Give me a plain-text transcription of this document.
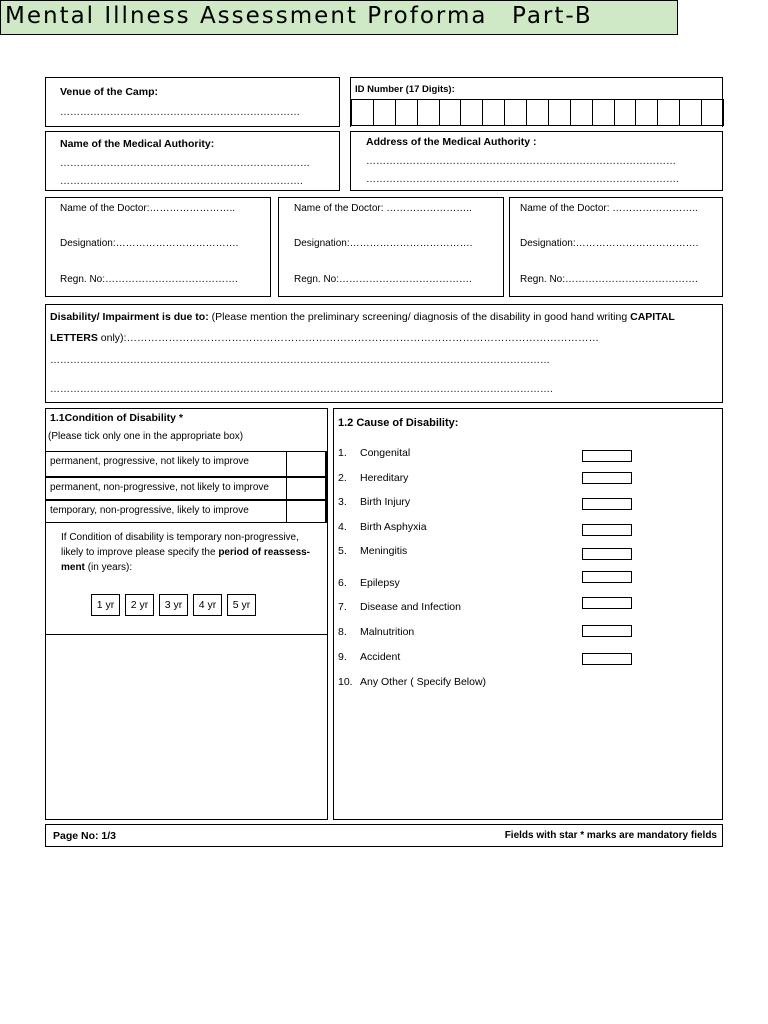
Mental Illness Assessment Proforma Part-B
Venue of the Camp:
………………………………………………………………
ID Number (17 Digits):
Name of the Medical Authority:
…………………………………………………………………
……………………………………………………………….
Address of the Medical Authority :
…………………………………………………………………………………
………………………………………………………………………………….
Name of the Doctor:……………………..
Designation:……………………………….
Regn. No:………………………………….
Name of the Doctor: ……………………..
Designation:……………………………….
Regn. No:………………………………….
Name of the Doctor: ……………………..
Designation:……………………………….
Regn. No:………………………………….
Disability/ Impairment is due to: (Please mention the preliminary screening/ diagnosis of the disability in good hand writing CAPITAL
LETTERS only):………………………………………………………………………………………………………………………
……………………………………………………………………………………………………………………………………
…………………………………………………………………………………………………………………………………….
1.1Condition of Disability *
(Please tick only one in the appropriate box)
permanent, progressive, not likely to improve
permanent, non-progressive, not likely to improve
temporary, non-progressive, likely to improve
If Condition of disability is temporary non-progressive,
likely to improve please specify the period of reassess-
ment (in years):
1 yr	2 yr	3 yr	4 yr	5 yr
1.2 Cause of Disability:
1. Congenital
2. Hereditary
3. Birth Injury
4. Birth Asphyxia
5. Meningitis
6. Epilepsy
7. Disease and Infection
8. Malnutrition
9. Accident
10. Any Other ( Specify Below)
Page No: 1/3	Fields with star * marks are mandatory fields
